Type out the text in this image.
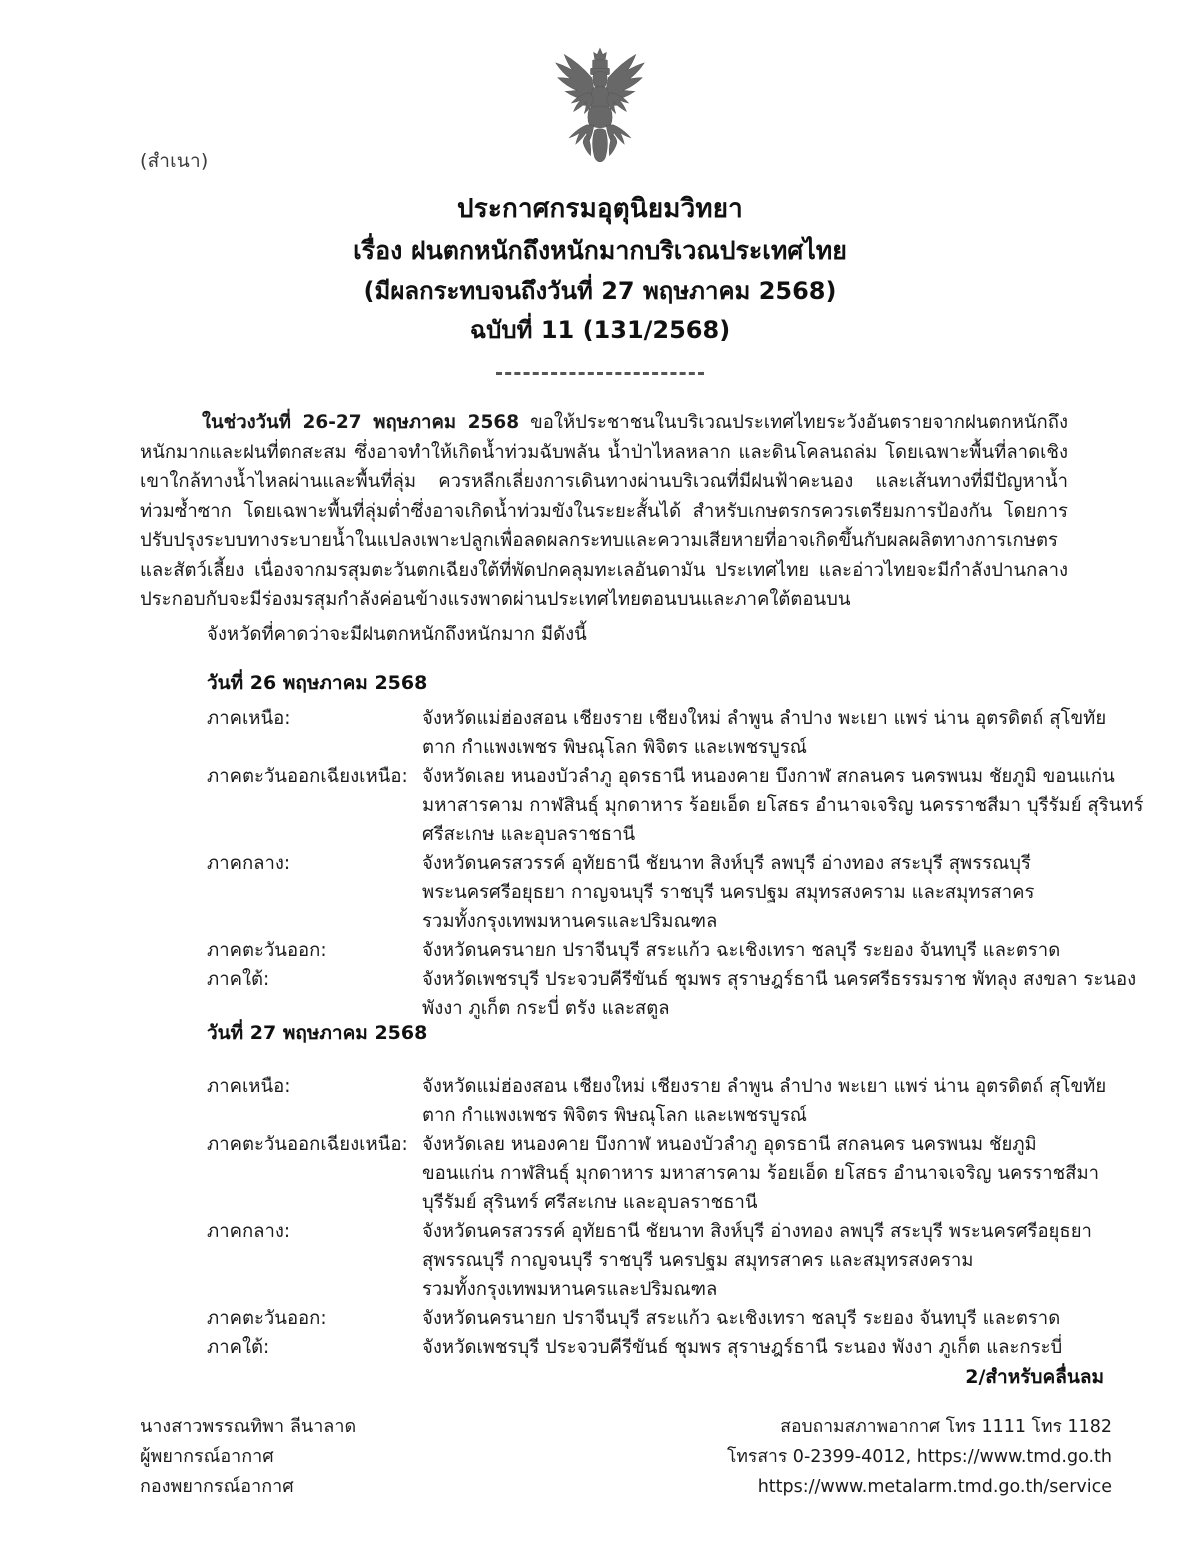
(สำเนา)
ประกาศกรมอุตุนิยมวิทยา
เรื่อง ฝนตกหนักถึงหนักมากบริเวณประเทศไทย
(มีผลกระทบจนถึงวันที่ 27 พฤษภาคม 2568)
ฉบับที่ 11 (131/2568)
ในช่วงวันที่ 26-27 พฤษภาคม 2568 ขอให้ประชาชนในบริเวณประเทศไทยระวังอันตรายจากฝนตกหนักถึงหนักมากและฝนที่ตกสะสม ซึ่งอาจทำให้เกิดน้ำท่วมฉับพลัน น้ำป่าไหลหลาก และดินโคลนถล่ม โดยเฉพาะพื้นที่ลาดเชิงเขาใกล้ทางน้ำไหลผ่านและพื้นที่ลุ่ม ควรหลีกเลี่ยงการเดินทางผ่านบริเวณที่มีฝนฟ้าคะนอง และเส้นทางที่มีปัญหาน้ำท่วมซ้ำซาก โดยเฉพาะพื้นที่ลุ่มต่ำซึ่งอาจเกิดน้ำท่วมขังในระยะสั้นได้ สำหรับเกษตรกรควรเตรียมการป้องกัน โดยการปรับปรุงระบบทางระบายน้ำในแปลงเพาะปลูกเพื่อลดผลกระทบและความเสียหายที่อาจเกิดขึ้นกับผลผลิตทางการเกษตรและสัตว์เลี้ยง เนื่องจากมรสุมตะวันตกเฉียงใต้ที่พัดปกคลุมทะเลอันดามัน ประเทศไทย และอ่าวไทยจะมีกำลังปานกลาง ประกอบกับจะมีร่องมรสุมกำลังค่อนข้างแรงพาดผ่านประเทศไทยตอนบนและภาคใต้ตอนบน
จังหวัดที่คาดว่าจะมีฝนตกหนักถึงหนักมาก มีดังนี้
วันที่ 26 พฤษภาคม 2568
ภาคเหนือ:	จังหวัดแม่ฮ่องสอน เชียงราย เชียงใหม่ ลำพูน ลำปาง พะเยา แพร่ น่าน อุตรดิตถ์ สุโขทัย
ตาก กำแพงเพชร พิษณุโลก พิจิตร และเพชรบูรณ์
ภาคตะวันออกเฉียงเหนือ: จังหวัดเลย หนองบัวลำภู อุดรธานี หนองคาย บึงกาฬ สกลนคร นครพนม ชัยภูมิ ขอนแก่น
มหาสารคาม กาฬสินธุ์ มุกดาหาร ร้อยเอ็ด ยโสธร อำนาจเจริญ นครราชสีมา บุรีรัมย์ สุรินทร์
ศรีสะเกษ และอุบลราชธานี
ภาคกลาง:	จังหวัดนครสวรรค์ อุทัยธานี ชัยนาท สิงห์บุรี ลพบุรี อ่างทอง สระบุรี สุพรรณบุรี
พระนครศรีอยุธยา กาญจนบุรี ราชบุรี นครปฐม สมุทรสงคราม และสมุทรสาคร
รวมทั้งกรุงเทพมหานครและปริมณฑล
ภาคตะวันออก:	จังหวัดนครนายก ปราจีนบุรี สระแก้ว ฉะเชิงเทรา ชลบุรี ระยอง จันทบุรี และตราด
ภาคใต้:	จังหวัดเพชรบุรี ประจวบคีรีขันธ์ ชุมพร สุราษฎร์ธานี นครศรีธรรมราช พัทลุง สงขลา ระนอง
พังงา ภูเก็ต กระบี่ ตรัง และสตูล
วันที่ 27 พฤษภาคม 2568
ภาคเหนือ:	จังหวัดแม่ฮ่องสอน เชียงใหม่ เชียงราย ลำพูน ลำปาง พะเยา แพร่ น่าน อุตรดิตถ์ สุโขทัย
ตาก กำแพงเพชร พิจิตร พิษณุโลก และเพชรบูรณ์
ภาคตะวันออกเฉียงเหนือ: จังหวัดเลย หนองคาย บึงกาฬ หนองบัวลำภู อุดรธานี สกลนคร นครพนม ชัยภูมิ
ขอนแก่น กาฬสินธุ์ มุกดาหาร มหาสารคาม ร้อยเอ็ด ยโสธร อำนาจเจริญ นครราชสีมา
บุรีรัมย์ สุรินทร์ ศรีสะเกษ และอุบลราชธานี
ภาคกลาง:	จังหวัดนครสวรรค์ อุทัยธานี ชัยนาท สิงห์บุรี อ่างทอง ลพบุรี สระบุรี พระนครศรีอยุธยา
สุพรรณบุรี กาญจนบุรี ราชบุรี นครปฐม สมุทรสาคร และสมุทรสงคราม
รวมทั้งกรุงเทพมหานครและปริมณฑล
ภาคตะวันออก:	จังหวัดนครนายก ปราจีนบุรี สระแก้ว ฉะเชิงเทรา ชลบุรี ระยอง จันทบุรี และตราด
ภาคใต้:	จังหวัดเพชรบุรี ประจวบคีรีขันธ์ ชุมพร สุราษฎร์ธานี ระนอง พังงา ภูเก็ต และกระบี่
2/สำหรับคลื่นลม
นางสาวพรรณทิพา ลีนาลาด
ผู้พยากรณ์อากาศ
กองพยากรณ์อากาศ
สอบถามสภาพอากาศ โทร 1111 โทร 1182
โทรสาร 0-2399-4012, https://www.tmd.go.th
https://www.metalarm.tmd.go.th/service
